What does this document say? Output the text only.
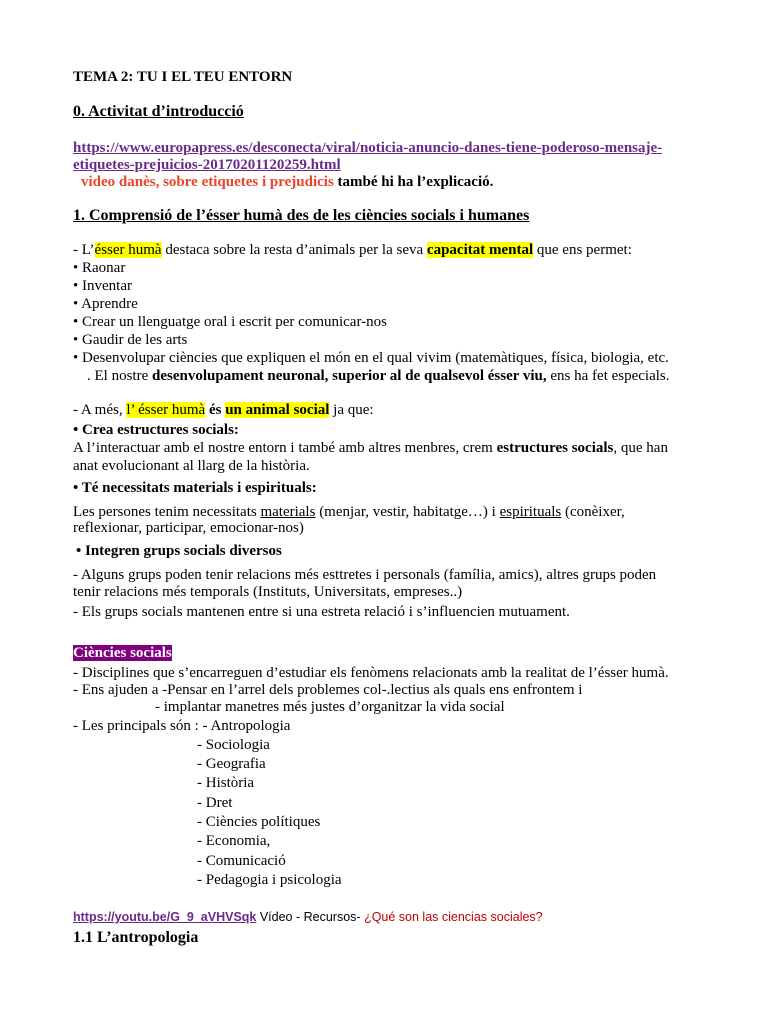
TEMA 2: TU I EL TEU ENTORN
0. Activitat d’introducció
https://www.europapress.es/desconecta/viral/noticia-anuncio-danes-tiene-poderoso-mensaje-
etiquetes-prejuicios-20170201120259.html
video danès, sobre etiquetes i prejudicis també hi ha l’explicació.
1. Comprensió de l’ésser humà des de les ciències socials i humanes
- L’ésser humà destaca sobre la resta d’animals per la seva capacitat mental que ens permet:
• Raonar
• Inventar
• Aprendre
• Crear un llenguatge oral i escrit per comunicar-nos
• Gaudir de les arts
• Desenvolupar ciències que expliquen el món en el qual vivim (matemàtiques, física, biologia, etc.
. El nostre desenvolupament neuronal, superior al de qualsevol ésser viu, ens ha fet especials.
- A més, l’ ésser humà és un animal social ja que:
• Crea estructures socials:
A l’interactuar amb el nostre entorn i també amb altres menbres, crem estructures socials, que han
anat evolucionant al llarg de la història.
• Té necessitats materials i espirituals:
Les persones tenim necessitats materials (menjar, vestir, habitatge…) i espirituals (conèixer,
reflexionar, participar, emocionar-nos)
• Integren grups socials diversos
- Alguns grups poden tenir relacions més esttretes i personals (família, amics), altres grups poden
tenir relacions més temporals (Instituts, Universitats, empreses..)
- Els grups socials mantenen entre si una estreta relació i s’influencien mutuament.
Ciències socials
- Disciplines que s’encarreguen d’estudiar els fenòmens relacionats amb la realitat de l’ésser humà.
- Ens ajuden a -Pensar en l’arrel dels problemes col-.lectius als quals ens enfrontem i
- implantar manetres més justes d’organitzar la vida social
- Les principals són : - Antropologia
- Sociologia
- Geografia
- Història
- Dret
- Ciències polítiques
- Economia,
- Comunicació
- Pedagogia i psicologia
https://youtu.be/G_9_aVHVSqk Vídeo - Recursos- ¿Qué son las ciencias sociales?
1.1 L’antropologia
